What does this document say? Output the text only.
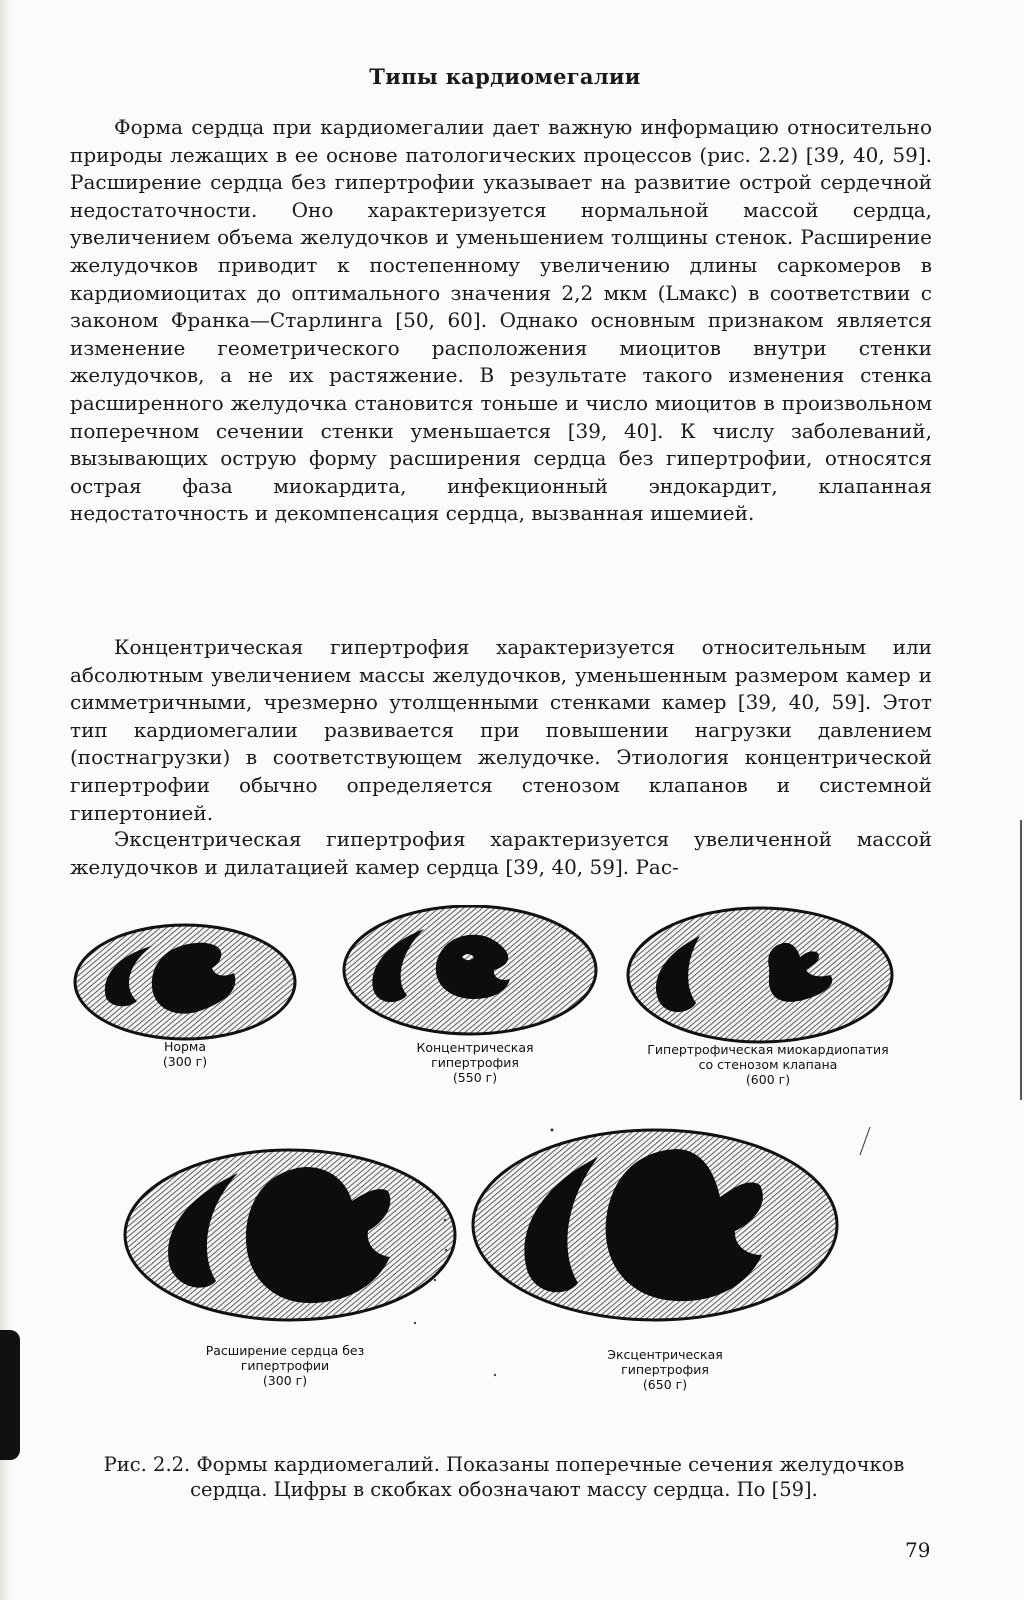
Типы кардиомегалии

Форма сердца при кардиомегалии дает важную информацию относительно природы лежащих в ее основе патологических процессов (рис. 2.2) [39, 40, 59]. Расширение сердца без гипертрофии указывает на развитие острой сердечной недостаточности. Оно характеризуется нормальной массой сердца, увеличением объема желудочков и уменьшением толщины стенок. Расширение желудочков приводит к постепенному увеличению длины саркомеров в кардиомиоцитах до оптимального значения 2,2 мкм (Lмакс) в соответствии с законом Франка—Старлинга [50, 60]. Однако основным признаком является изменение геометрического расположения миоцитов внутри стенки желудочков, а не их растяжение. В результате такого изменения стенка расширенного желудочка становится тоньше и число миоцитов в произвольном поперечном сечении стенки уменьшается [39, 40]. К числу заболеваний, вызывающих острую форму расширения сердца без гипертрофии, относятся острая фаза миокардита, инфекционный эндокардит, клапанная недостаточность и декомпенсация сердца, вызванная ишемией.

Концентрическая гипертрофия характеризуется относительным или абсолютным увеличением массы желудочков, уменьшенным размером камер и симметричными, чрезмерно утолщенными стенками камер [39, 40, 59]. Этот тип кардиомегалии развивается при повышении нагрузки давлением (постнагрузки) в соответствующем желудочке. Этиология концентрической гипертрофии обычно определяется стенозом клапанов и системной гипертонией.

Эксцентрическая гипертрофия характеризуется увеличенной массой желудочков и дилатацией камер сердца [39, 40, 59]. Рас-

Норма
(300 г)
Концентрическая
гипертрофия
(550 г)
Гипертрофическая миокардиопатия
со стенозом клапана
(600 г)
Расширение сердца без
гипертрофии
(300 г)
Эксцентрическая
гипертрофия
(650 г)
Рис. 2.2. Формы кардиомегалий. Показаны поперечные сечения желудочков сердца. Цифры в скобках обозначают массу сердца. По [59].
79
